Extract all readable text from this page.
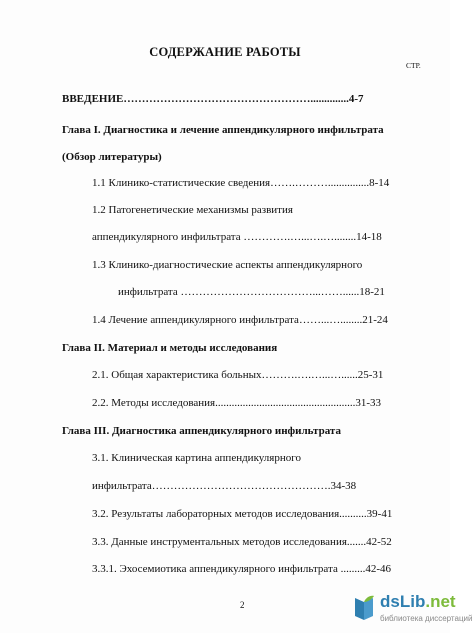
СОДЕРЖАНИЕ РАБОТЫ
СТР.
ВВЕДЕНИЕ……………………………………………..............4-7
Глава I. Диагностика и лечение аппендикулярного инфильтрата
(Обзор литературы)
1.1 Клинико-статистические сведения…….………...............8-14
1.2 Патогенетические механизмы развития
аппендикулярного инфильтрата ………….…...….…........14-18
1.3 Клинико-диагностические аспекты аппендикулярного
инфильтрата ………………………………...……......18-21
1.4 Лечение аппендикулярного инфильтрата……...…........21-24
Глава II. Материал и методы исследования
2.1. Общая характеристика больных……….….…...…......25-31
2.2. Методы исследования...................................................31-33
Глава III. Диагностика аппендикулярного инфильтрата
3.1. Клиническая картина аппендикулярного
инфильтрата………………………………………….34-38
3.2. Результаты лабораторных методов исследования..........39-41
3.3. Данные инструментальных методов исследования.......42-52
3.3.1. Эхосемиотика аппендикулярного инфильтрата .........42-46
2	dsLib.net
библиотека диссертаций
